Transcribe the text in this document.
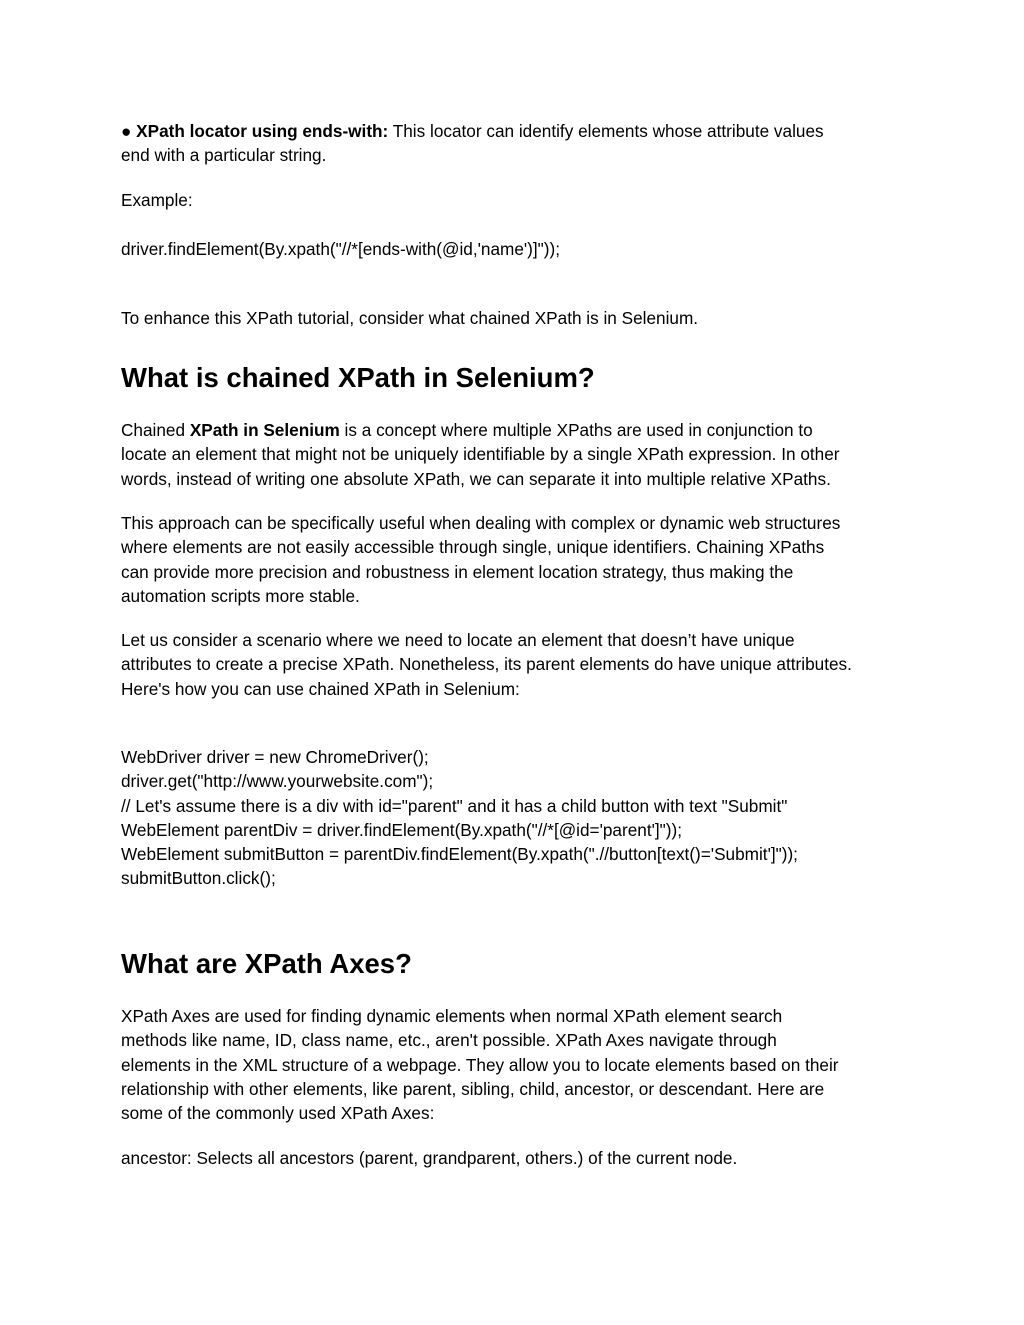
● XPath locator using ends-with: This locator can identify elements whose attribute values
end with a particular string.

Example:

driver.findElement(By.xpath("//*[ends-with(@id,'name')]"));

To enhance this XPath tutorial, consider what chained XPath is in Selenium.

What is chained XPath in Selenium?

Chained XPath in Selenium is a concept where multiple XPaths are used in conjunction to
locate an element that might not be uniquely identifiable by a single XPath expression. In other
words, instead of writing one absolute XPath, we can separate it into multiple relative XPaths.

This approach can be specifically useful when dealing with complex or dynamic web structures
where elements are not easily accessible through single, unique identifiers. Chaining XPaths
can provide more precision and robustness in element location strategy, thus making the
automation scripts more stable.

Let us consider a scenario where we need to locate an element that doesn’t have unique
attributes to create a precise XPath. Nonetheless, its parent elements do have unique attributes.
Here's how you can use chained XPath in Selenium:

WebDriver driver = new ChromeDriver();
driver.get("http://www.yourwebsite.com");
// Let's assume there is a div with id="parent" and it has a child button with text "Submit"
WebElement parentDiv = driver.findElement(By.xpath("//*[@id='parent']"));
WebElement submitButton = parentDiv.findElement(By.xpath(".//button[text()='Submit']"));
submitButton.click();

What are XPath Axes?

XPath Axes are used for finding dynamic elements when normal XPath element search
methods like name, ID, class name, etc., aren't possible. XPath Axes navigate through
elements in the XML structure of a webpage. They allow you to locate elements based on their
relationship with other elements, like parent, sibling, child, ancestor, or descendant. Here are
some of the commonly used XPath Axes:

ancestor: Selects all ancestors (parent, grandparent, others.) of the current node.
